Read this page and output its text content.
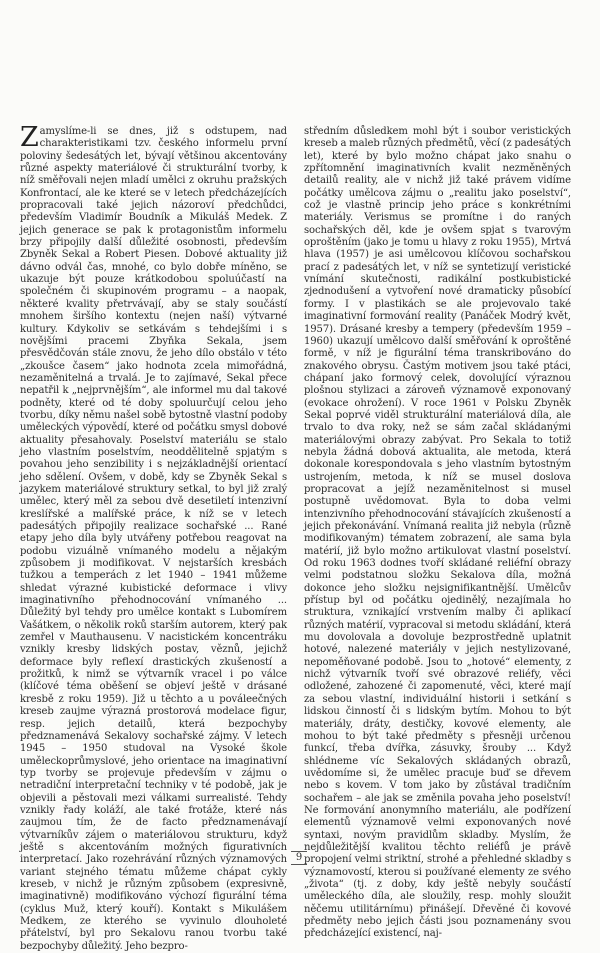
Zamyslíme-li se dnes, již s odstupem, nad charakteristikami tzv. českého informelu první poloviny šedesátých let, bývají většinou akcentovány různé aspekty materiálové či strukturální tvorby, k níž směřovali nejen mladí umělci z okruhu pražských Konfrontací, ale ke které se v letech předcházejících propracovali také jejich názoroví předchůdci, především Vladimír Boudník a Mikuláš Medek. Z jejich generace se pak k protagonistům informelu brzy připojily další důležité osobnosti, především Zbyněk Sekal a Robert Piesen. Dobové aktuality již dávno odvál čas, mnohé, co bylo dobře míněno, se ukazuje být pouze krátkodobou spoluúčastí na společném či skupinovém programu – a naopak, některé kvality přetrvávají, aby se staly součástí mnohem širšího kontextu (nejen naší) výtvarné kultury. Kdykoliv se setkávám s tehdejšími i s novějšími pracemi Zbyňka Sekala, jsem přesvědčován stále znovu, že jeho dílo obstálo v této „zkoušce časem“ jako hodnota zcela mimořádná, nezaměnitelná a trvalá. Je to zajímavé, Sekal přece nepatřil k „nejprvnějším“, ale informel mu dal takové podněty, které od té doby spoluurčují celou jeho tvorbu, díky němu našel sobě bytostně vlastní podoby uměleckých výpovědí, které od počátku smysl dobové aktuality přesahovaly. Poselství materiálu se stalo jeho vlastním poselstvím, neoddělitelně spjatým s povahou jeho senzibility i s nejzákladnější orientací jeho sdělení. Ovšem, v době, kdy se Zbyněk Sekal s jazykem materiálové struktury setkal, to byl již zralý umělec, který měl za sebou dvě desetiletí intenzivní kreslířské a malířské práce, k níž se v letech padesátých připojily realizace sochařské ... Rané etapy jeho díla byly utvářeny potřebou reagovat na podobu vizuálně vnímaného modelu a nějakým způsobem ji modifikovat. V nejstarších kresbách tužkou a temperách z let 1940 – 1941 můžeme shledat výrazné kubistické deformace i vlivy imaginativního přehodnocování vnímaného ... Důležitý byl tehdy pro umělce kontakt s Lubomírem Vašátkem, o několik roků starším autorem, který pak zemřel v Mauthausenu. V nacistickém koncentráku vznikly kresby lidských postav, věznů, jejichž deformace byly reflexí drastických zkušeností a prožitků, k nimž se výtvarník vracel i po válce (klíčové téma oběšení se objeví ještě v drásané kresbě z roku 1959). Již u těchto a u pováleečných kreseb zaujme výrazná prostorová modelace figur, resp. jejich detailů, která bezpochyby předznamenává Sekalovy sochařské zájmy. V letech 1945 – 1950 studoval na Vysoké škole uměleckoprůmyslové, jeho orientace na imaginativní typ tvorby se projevuje především v zájmu o netradiční interpretační techniky v té podobě, jak je objevili a pěstovali mezi válkami surrealisté. Tehdy vznikly řady koláží, ale také frotáže, které nás zaujmou tím, že de facto předznamenávají výtvarníkův zájem o materiálovou strukturu, když ještě s akcentováním možných figurativních interpretací. Jako rozehrávání různých významových variant stejného tématu můžeme chápat cykly kreseb, v nichž je různým způsobem (expresivně, imaginativně) modifikováno výchozí figurální téma (cyklus Muž, který kouří). Kontakt s Mikulášem Medkem, ze kterého se vyvinulo dlouholeté přátelství, byl pro Sekalovu ranou tvorbu také bezpochyby důležitý. Jeho bezpro-

středním důsledkem mohl být i soubor veristických kreseb a maleb různých předmětů, věcí (z padesátých let), které by bylo možno chápat jako snahu o zpřítomnění imaginativních kvalit nezměněných detailů reality, ale v nichž již také právem vidíme počátky umělcova zájmu o „realitu jako poselství“, což je vlastně princip jeho práce s konkrétními materiály. Verismus se promítne i do raných sochařských děl, kde je ovšem spjat s tvarovým oproštěním (jako je tomu u hlavy z roku 1955), Mrtvá hlava (1957) je asi umělcovou klíčovou sochařskou prací z padesátých let, v níž se syntetizují veristické vnímání skutečnosti, radikální postkubistické zjednodušení a vytvoření nové dramaticky působící formy. I v plastikách se ale projevovalo také imaginativní formování reality (Panáček Modrý květ, 1957). Drásané kresby a tempery (především 1959 – 1960) ukazují umělcovo další směřování k oproštěné formě, v níž je figurální téma transkribováno do znakového obrysu. Častým motivem jsou také ptáci, chápaní jako formový celek, dovolující výraznou plošnou stylizaci a zároveň významově exponovaný (evokace ohrožení). V roce 1961 v Polsku Zbyněk Sekal poprvé viděl strukturální materiálová díla, ale trvalo to dva roky, než se sám začal skládanými materiálovými obrazy zabývat. Pro Sekala to totiž nebyla žádná dobová aktualita, ale metoda, která dokonale korespondovala s jeho vlastním bytostným ustrojením, metoda, k níž se musel doslova propracovat a jejíž nezaměnitelnost si musel postupně uvědomovat. Byla to doba velmi intenzivního přehodnocování stávajících zkušeností a jejich překonávání. Vnímaná realita již nebyla (různě modifikovaným) tématem zobrazení, ale sama byla matérií, již bylo možno artikulovat vlastní poselství. Od roku 1963 dodnes tvoří skládané reliéfní obrazy velmi podstatnou složku Sekalova díla, možná dokonce jeho složku nejsignifikantnější. Umělcův přístup byl od počátku ojedinělý, nezajímala ho struktura, vznikající vrstvením malby či aplikací různých matérií, vypracoval si metodu skládání, která mu dovolovala a dovoluje bezprostředně uplatnit hotové, nalezené materiály v jejich nestylizované, nepoměňované podobě. Jsou to „hotové“ elementy, z nichž výtvarník tvoří své obrazové reliéfy, věci odložené, zahozené či zapomenuté, věci, které mají za sebou vlastní, individuální historii i setkání s lidskou činností či s lidským bytím. Mohou to být materiály, dráty, destičky, kovové elementy, ale mohou to být také předměty s přesněji určenou funkcí, třeba dvířka, zásuvky, šrouby ... Když shlédneme víc Sekalových skládaných obrazů, uvědomíme si, že umělec pracuje buď se dřevem nebo s kovem. V tom jako by zůstával tradičním sochařem – ale jak se změnila povaha jeho poselství! Ne formování anonymního materiálu, ale podřízení elementů významově velmi exponovaných nové syntaxi, novým pravidlům skladby. Myslím, že nejdůležitější kvalitou těchto reliéfů je právě propojení velmi striktní, strohé a přehledné skladby s významovostí, kterou si používané elementy ze svého „života“ (tj. z doby, kdy ještě nebyly součástí uměleckého díla, ale sloužily, resp. mohly sloužit něčemu utilitárnímu) přinášejí. Dřevěné či kovové předměty nebo jejich části jsou poznamenány svou předcházející existencí, naj-

9
